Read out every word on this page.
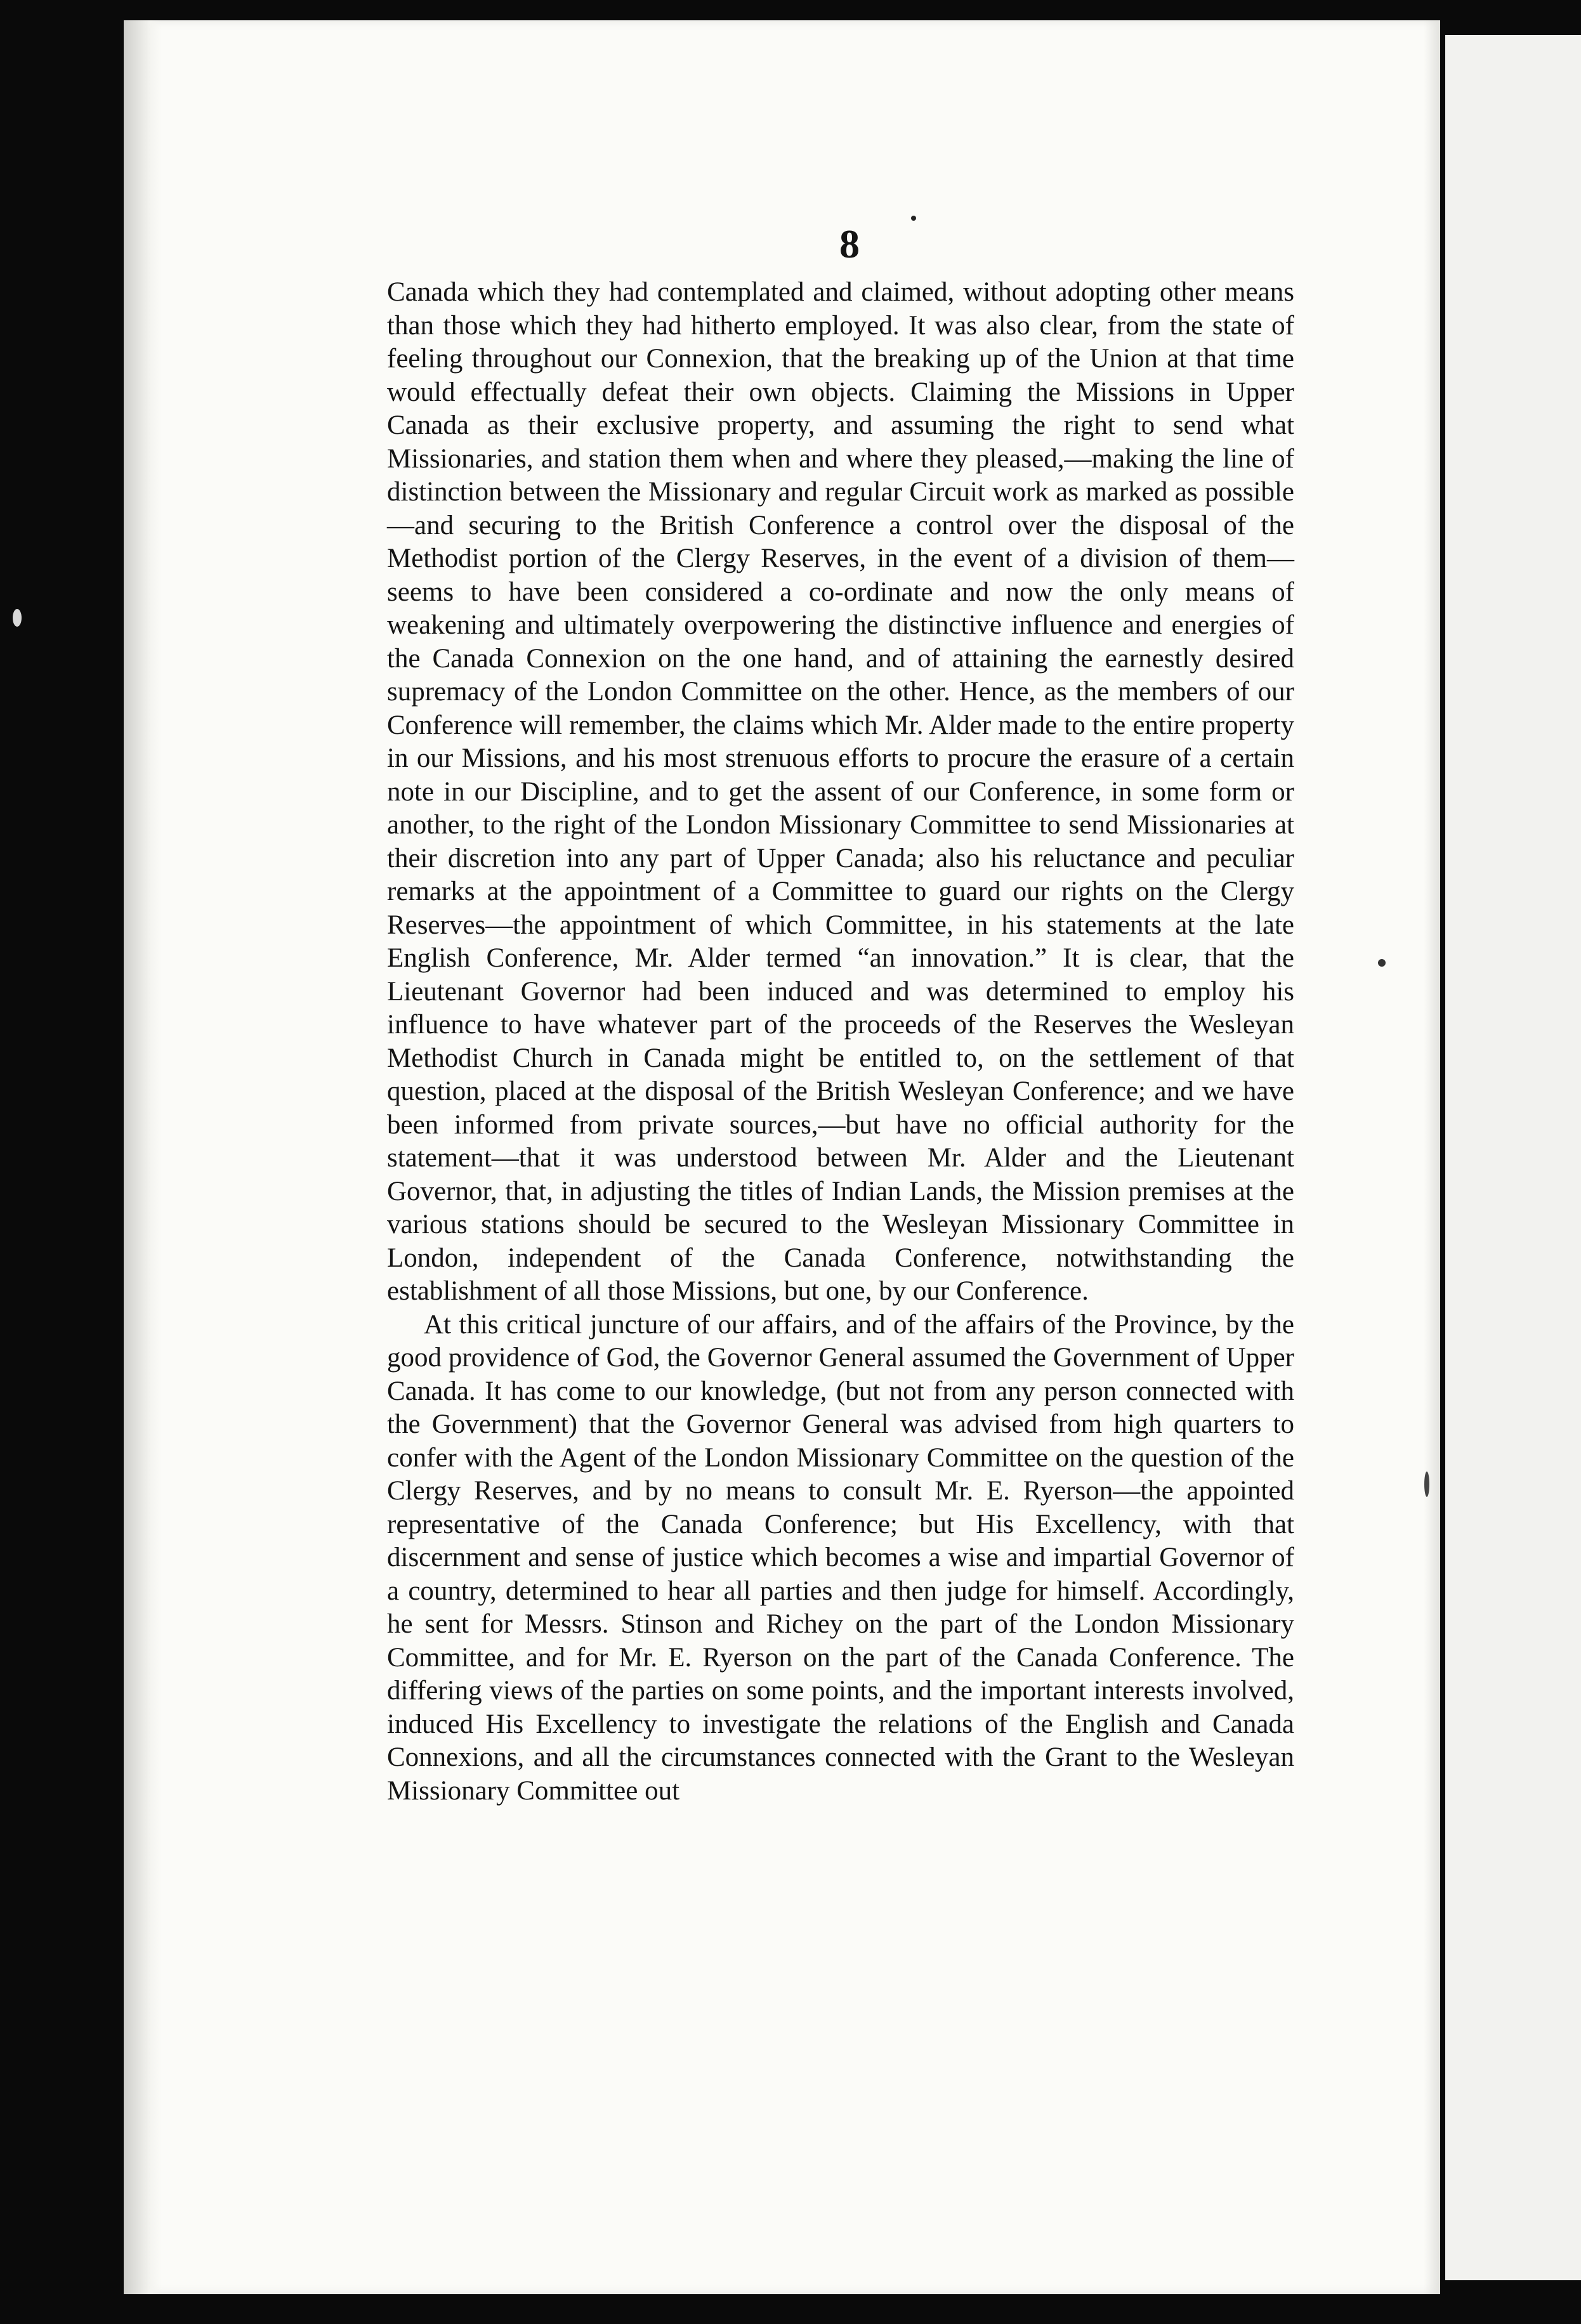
8

Canada which they had contemplated and claimed, without adopting other means than those which they had hitherto employed. It was also clear, from the state of feeling throughout our Connexion, that the breaking up of the Union at that time would effectually defeat their own objects. Claiming the Missions in Upper Canada as their exclusive property, and assuming the right to send what Missionaries, and station them when and where they pleased,—making the line of distinction between the Missionary and regular Circuit work as marked as possible—and securing to the British Conference a control over the disposal of the Methodist portion of the Clergy Reserves, in the event of a division of them—seems to have been considered a co-ordinate and now the only means of weakening and ultimately overpowering the distinctive influence and energies of the Canada Connexion on the one hand, and of attaining the earnestly desired supremacy of the London Committee on the other. Hence, as the members of our Conference will remember, the claims which Mr. Alder made to the entire property in our Missions, and his most strenuous efforts to procure the erasure of a certain note in our Discipline, and to get the assent of our Conference, in some form or another, to the right of the London Missionary Committee to send Missionaries at their discretion into any part of Upper Canada; also his reluctance and peculiar remarks at the appointment of a Committee to guard our rights on the Clergy Reserves—the appointment of which Committee, in his statements at the late English Conference, Mr. Alder termed “an innovation.” It is clear, that the Lieutenant Governor had been induced and was determined to employ his influence to have whatever part of the proceeds of the Reserves the Wesleyan Methodist Church in Canada might be entitled to, on the settlement of that question, placed at the disposal of the British Wesleyan Conference; and we have been informed from private sources,—but have no official authority for the statement—that it was understood between Mr. Alder and the Lieutenant Governor, that, in adjusting the titles of Indian Lands, the Mission premises at the various stations should be secured to the Wesleyan Missionary Committee in London, independent of the Canada Conference, notwithstanding the establishment of all those Missions, but one, by our Conference.

At this critical juncture of our affairs, and of the affairs of the Province, by the good providence of God, the Governor General assumed the Government of Upper Canada. It has come to our knowledge, (but not from any person connected with the Government) that the Governor General was advised from high quarters to confer with the Agent of the London Missionary Committee on the question of the Clergy Reserves, and by no means to consult Mr. E. Ryerson—the appointed representative of the Canada Conference; but His Excellency, with that discernment and sense of justice which becomes a wise and impartial Governor of a country, determined to hear all parties and then judge for himself. Accordingly, he sent for Messrs. Stinson and Richey on the part of the London Missionary Committee, and for Mr. E. Ryerson on the part of the Canada Conference. The differing views of the parties on some points, and the important interests involved, induced His Excellency to investigate the relations of the English and Canada Connexions, and all the circumstances connected with the Grant to the Wesleyan Missionary Committee out
